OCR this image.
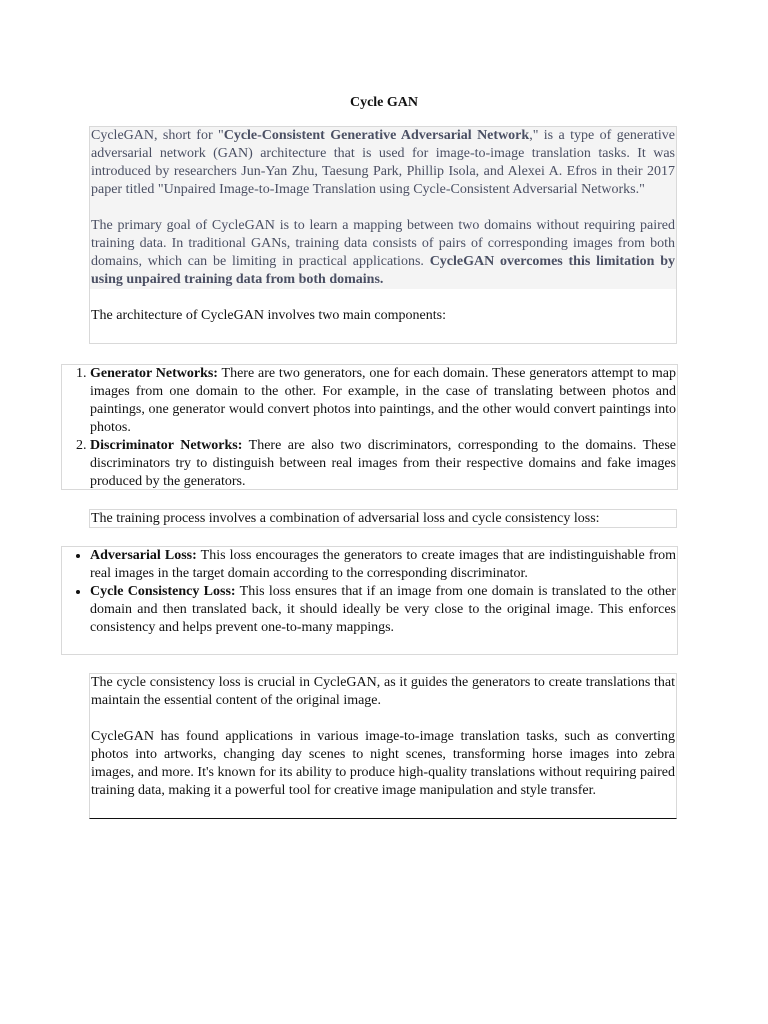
Cycle GAN

CycleGAN, short for "Cycle-Consistent Generative Adversarial Network," is a type of generative adversarial network (GAN) architecture that is used for image-to-image translation tasks. It was introduced by researchers Jun-Yan Zhu, Taesung Park, Phillip Isola, and Alexei A. Efros in their 2017 paper titled "Unpaired Image-to-Image Translation using Cycle-Consistent Adversarial Networks."

The primary goal of CycleGAN is to learn a mapping between two domains without requiring paired training data. In traditional GANs, training data consists of pairs of corresponding images from both domains, which can be limiting in practical applications. CycleGAN overcomes this limitation by using unpaired training data from both domains.

The architecture of CycleGAN involves two main components:

1. Generator Networks: There are two generators, one for each domain. These generators attempt to map images from one domain to the other. For example, in the case of translating between photos and paintings, one generator would convert photos into paintings, and the other would convert paintings into photos.
2. Discriminator Networks: There are also two discriminators, corresponding to the domains. These discriminators try to distinguish between real images from their respective domains and fake images produced by the generators.

The training process involves a combination of adversarial loss and cycle consistency loss:

• Adversarial Loss: This loss encourages the generators to create images that are indistinguishable from real images in the target domain according to the corresponding discriminator.
• Cycle Consistency Loss: This loss ensures that if an image from one domain is translated to the other domain and then translated back, it should ideally be very close to the original image. This enforces consistency and helps prevent one-to-many mappings.

The cycle consistency loss is crucial in CycleGAN, as it guides the generators to create translations that maintain the essential content of the original image.

CycleGAN has found applications in various image-to-image translation tasks, such as converting photos into artworks, changing day scenes to night scenes, transforming horse images into zebra images, and more. It's known for its ability to produce high-quality translations without requiring paired training data, making it a powerful tool for creative image manipulation and style transfer.
